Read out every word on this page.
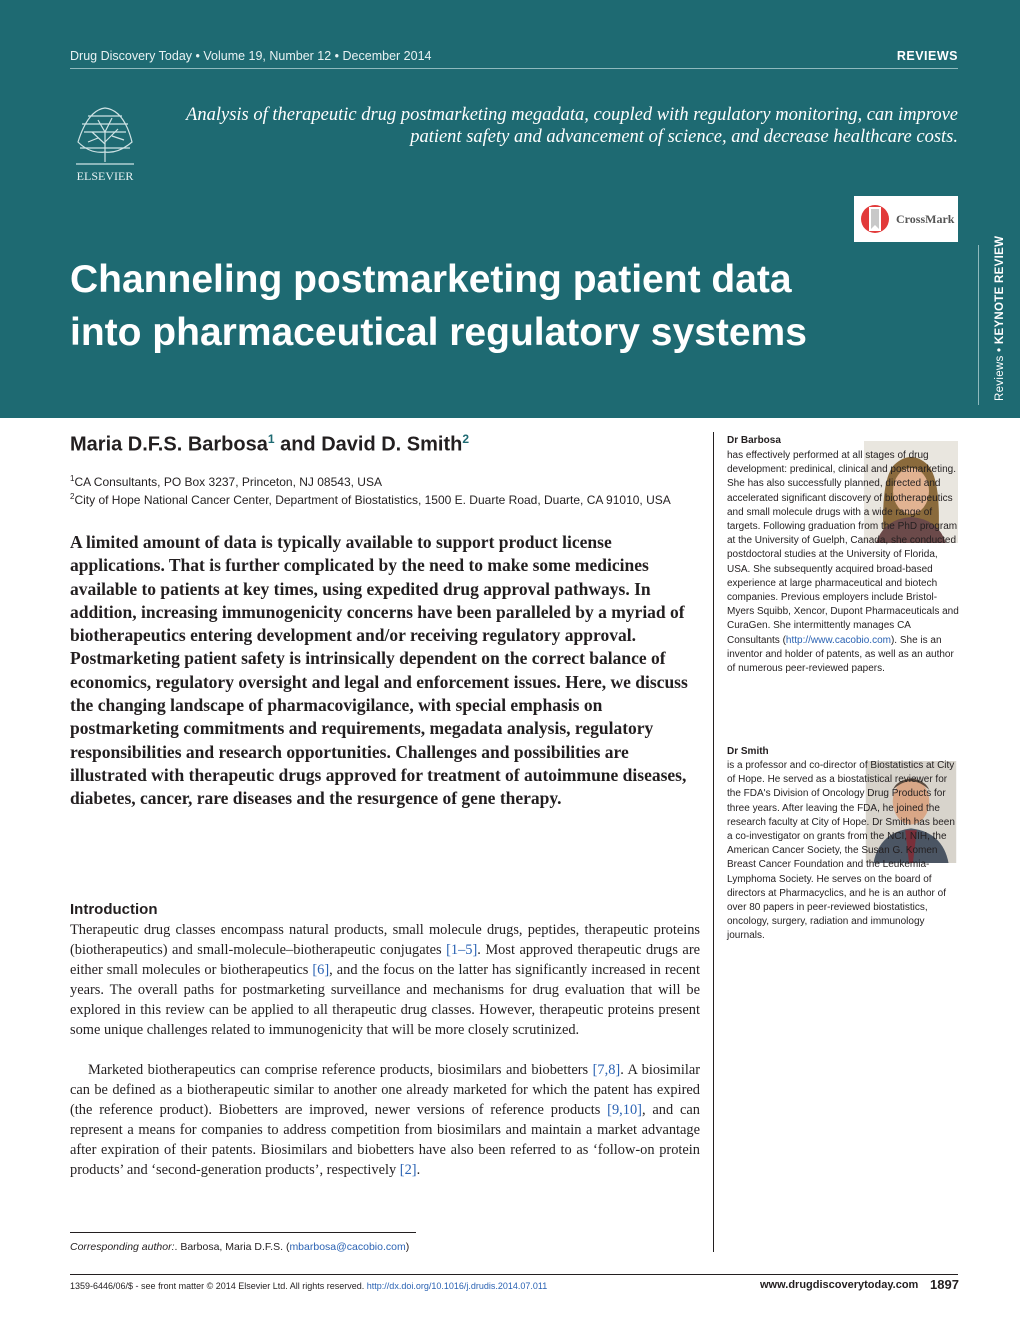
Drug Discovery Today • Volume 19, Number 12 • December 2014	REVIEWS
ELSEVIER
Analysis of therapeutic drug postmarketing megadata, coupled with regulatory monitoring, can improve patient safety and advancement of science, and decrease healthcare costs.
CrossMark
Channeling postmarketing patient data into pharmaceutical regulatory systems
Reviews • KEYNOTE REVIEW
Maria D.F.S. Barbosa$^1$ and David D. Smith$^2$
$^1$CA Consultants, PO Box 3237, Princeton, NJ 08543, USA
$^2$City of Hope National Cancer Center, Department of Biostatistics, 1500 E. Duarte Road, Duarte, CA 91010, USA

A limited amount of data is typically available to support product license applications. That is further complicated by the need to make some medicines available to patients at key times, using expedited drug approval pathways. In addition, increasing immunogenicity concerns have been paralleled by a myriad of biotherapeutics entering development and/or receiving regulatory approval. Postmarketing patient safety is intrinsically dependent on the correct balance of economics, regulatory oversight and legal and enforcement issues. Here, we discuss the changing landscape of pharmacovigilance, with special emphasis on postmarketing commitments and requirements, megadata analysis, regulatory responsibilities and research opportunities. Challenges and possibilities are illustrated with therapeutic drugs approved for treatment of autoimmune diseases, diabetes, cancer, rare diseases and the resurgence of gene therapy.

Introduction

Therapeutic drug classes encompass natural products, small molecule drugs, peptides, therapeutic proteins (biotherapeutics) and small-molecule–biotherapeutic conjugates [1–5]. Most approved therapeutic drugs are either small molecules or biotherapeutics [6], and the focus on the latter has significantly increased in recent years. The overall paths for postmarketing surveillance and mechanisms for drug evaluation that will be explored in this review can be applied to all therapeutic drug classes. However, therapeutic proteins present some unique challenges related to immunogenicity that will be more closely scrutinized.

Marketed biotherapeutics can comprise reference products, biosimilars and biobetters [7,8]. A biosimilar can be defined as a biotherapeutic similar to another one already marketed for which the patent has expired (the reference product). Biobetters are improved, newer versions of reference products [9,10], and can represent a means for companies to address competition from biosimilars and maintain a market advantage after expiration of their patents. Biosimilars and biobetters have also been referred to as ‘follow-on protein products’ and ‘second-generation products’, respectively [2].

Dr Barbosa

has effectively performed at all stages of drug development: predinical, clinical and postmarketing. She has also successfully planned, directed and accelerated significant discovery of biotherapeutics and small molecule drugs with a wide range of targets. Following graduation from the PhD program at the University of Guelph, Canada, she conducted postdoctoral studies at the University of Florida, USA. She subsequently acquired broad-based experience at large pharmaceutical and biotech companies. Previous employers include Bristol-Myers Squibb, Xencor, Dupont Pharmaceuticals and CuraGen. She intermittently manages CA Consultants (http://www.cacobio.com). She is an inventor and holder of patents, as well as an author of numerous peer-reviewed papers.

Dr Smith

is a professor and co-director of Biostatistics at City of Hope. He served as a biostatistical reviewer for the FDA's Division of Oncology Drug Products for three years. After leaving the FDA, he joined the research faculty at City of Hope. Dr Smith has been a co-investigator on grants from the NCI, NIH, the American Cancer Society, the Susan G. Komen Breast Cancer Foundation and the Leukemia-Lymphoma Society. He serves on the board of directors at Pharmacyclics, and he is an author of over 80 papers in peer-reviewed biostatistics, oncology, surgery, radiation and immunology journals.

Corresponding author:. Barbosa, Maria D.F.S. (mbarbosa@cacobio.com)
1359-6446/06/$ - see front matter © 2014 Elsevier Ltd. All rights reserved. http://dx.doi.org/10.1016/j.drudis.2014.07.011	www.drugdiscoverytoday.com 1897
